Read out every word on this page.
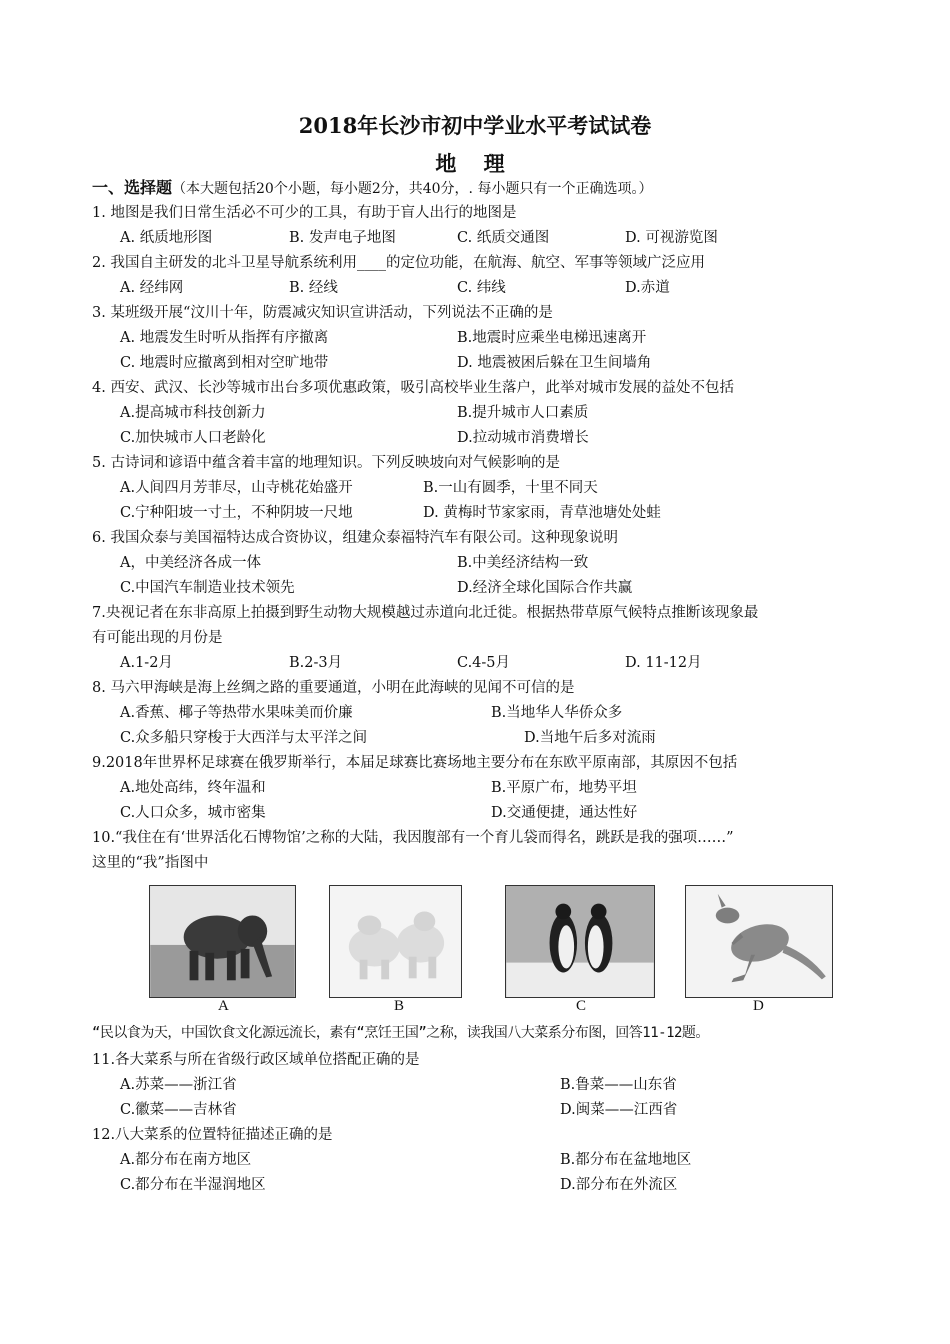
2018年长沙市初中学业水平考试试卷
地 理
一、选择题（本大题包括20个小题，每小题2分，共40分，. 每小题只有一个正确选项。）
1. 地图是我们日常生活必不可少的工具，有助于盲人出行的地图是
A. 纸质地形图	B. 发声电子地图	C. 纸质交通图	D. 可视游览图
2. 我国自主研发的北斗卫星导航系统利用____的定位功能，在航海、航空、军事等领域广泛应用
A. 经纬网	B. 经线	C. 纬线	D.赤道
3. 某班级开展“汶川十年，防震减灾知识宣讲活动，下列说法不正确的是
A. 地震发生时听从指挥有序撤离	B.地震时应乘坐电梯迅速离开
C. 地震时应撤离到相对空旷地带	D. 地震被困后躲在卫生间墙角
4. 西安、武汉、长沙等城市出台多项优惠政策，吸引高校毕业生落户，此举对城市发展的益处不包括
A.提高城市科技创新力	B.提升城市人口素质
C.加快城市人口老龄化	D.拉动城市消费增长
5. 古诗词和谚语中蕴含着丰富的地理知识。下列反映坡向对气候影响的是
A.人间四月芳菲尽，山寺桃花始盛开	B.一山有圆季，十里不同天
C.宁种阳坡一寸土，不种阴坡一尺地	D. 黄梅时节家家雨，青草池塘处处蛙
6. 我国众泰与美国福特达成合资协议，组建众泰福特汽车有限公司。这种现象说明
A，中美经济各成一体	B.中美经济结构一致
C.中国汽车制造业技术领先	D.经济全球化国际合作共赢
7.央视记者在东非高原上拍摄到野生动物大规模越过赤道向北迁徙。根据热带草原气候特点推断该现象最
有可能出现的月份是
A.1-2月	B.2-3月	C.4-5月	D. 11-12月
8. 马六甲海峡是海上丝绸之路的重要通道，小明在此海峡的见闻不可信的是
A.香蕉、椰子等热带水果味美而价廉	B.当地华人华侨众多
C.众多船只穿梭于大西洋与太平洋之间	D.当地午后多对流雨
9.2018年世界杯足球赛在俄罗斯举行，本届足球赛比赛场地主要分布在东欧平原南部，其原因不包括
A.地处高纬，终年温和	B.平原广布，地势平坦
C.人口众多，城市密集	D.交通便捷，通达性好
10.“我住在有‘世界活化石博物馆’之称的大陆，我因腹部有一个育儿袋而得名，跳跃是我的强项……”
这里的“我”指图中
A	B	C	D
“民以食为天，中国饮食文化源远流长，素有“烹饪王国”之称，读我国八大菜系分布图，回答11-12题。
11.各大菜系与所在省级行政区域单位搭配正确的是
A.苏菜——浙江省	B.鲁菜——山东省
C.徽菜——吉林省	D.闽菜——江西省
12.八大菜系的位置特征描述正确的是
A.都分布在南方地区	B.都分布在盆地地区
C.都分布在半湿润地区	D.部分布在外流区
